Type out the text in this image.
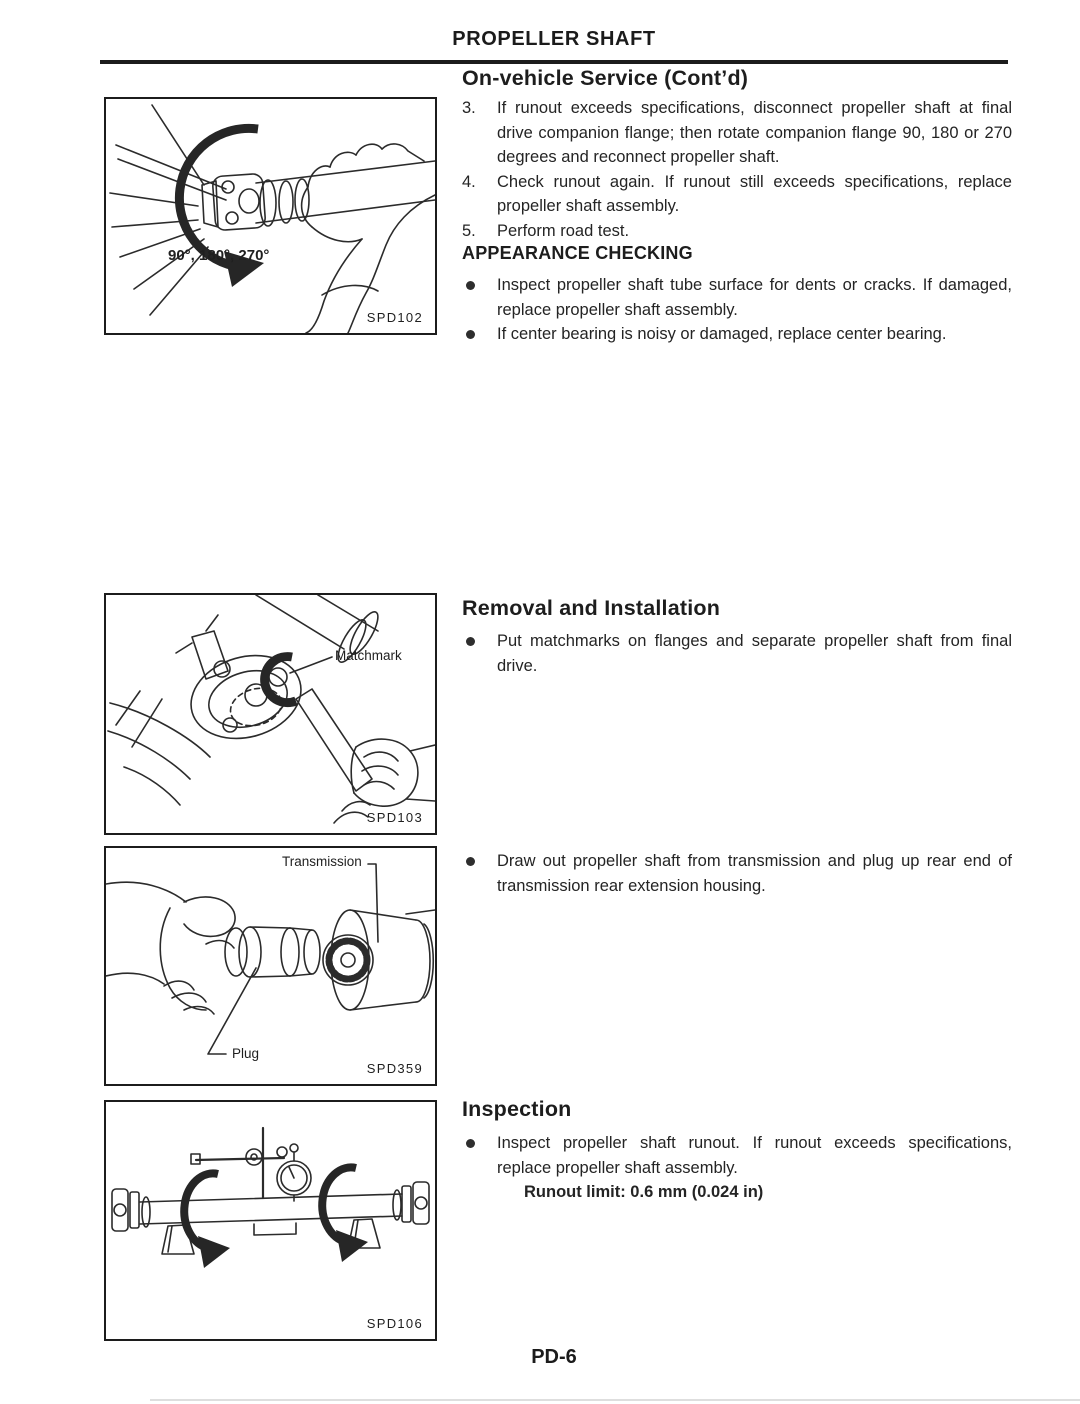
PROPELLER SHAFT
90°, 180°, 270°
SPD102
Matchmark
SPD103
Transmission
Plug
SPD359
SPD106
On-vehicle Service (Cont’d)
3.	If runout exceeds specifications, disconnect propeller shaft at final drive companion flange; then rotate companion flange 90, 180 or 270 degrees and reconnect propeller shaft.
4.	Check runout again. If runout still exceeds specifications, replace propeller shaft assembly.
5.	Perform road test.
APPEARANCE CHECKING
Inspect propeller shaft tube surface for dents or cracks. If damaged, replace propeller shaft assembly.
If center bearing is noisy or damaged, replace center bearing.
Removal and Installation
Put matchmarks on flanges and separate propeller shaft from final drive.
Draw out propeller shaft from transmission and plug up rear end of transmission rear extension housing.
Inspection
Inspect propeller shaft runout. If runout exceeds specifications, replace propeller shaft assembly.
Runout limit: 0.6 mm (0.024 in)
PD-6
